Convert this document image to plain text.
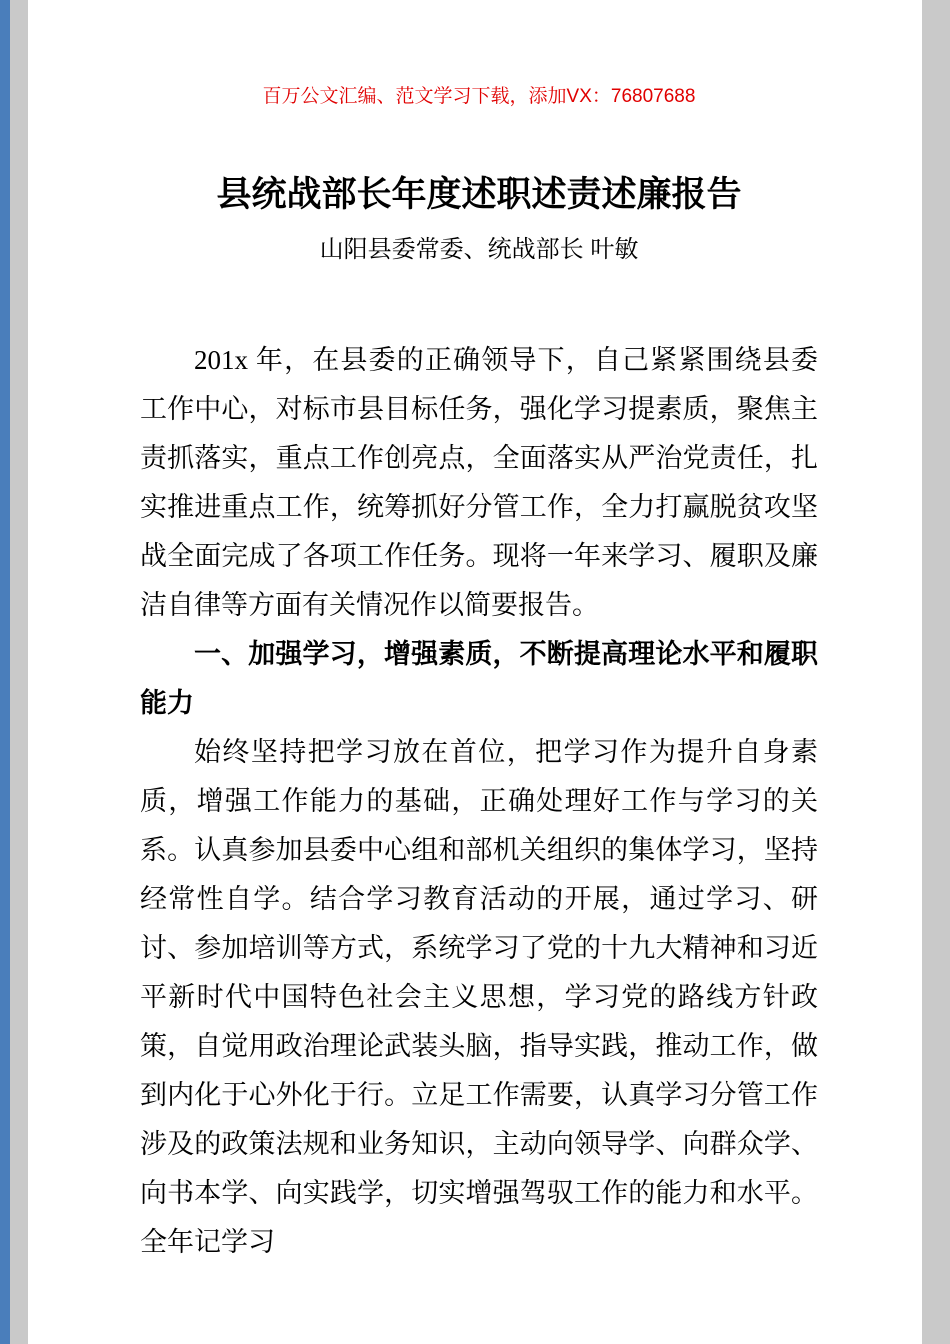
百万公文汇编、范文学习下载，添加VX：76807688
县统战部长年度述职述责述廉报告
山阳县委常委、统战部长 叶敏

201x 年，在县委的正确领导下，自己紧紧围绕县委工作中心，对标市县目标任务，强化学习提素质，聚焦主责抓落实，重点工作创亮点，全面落实从严治党责任，扎实推进重点工作，统筹抓好分管工作，全力打赢脱贫攻坚战全面完成了各项工作任务。现将一年来学习、履职及廉洁自律等方面有关情况作以简要报告。

一、加强学习，增强素质，不断提高理论水平和履职能力

始终坚持把学习放在首位，把学习作为提升自身素质，增强工作能力的基础，正确处理好工作与学习的关系。认真参加县委中心组和部机关组织的集体学习，坚持经常性自学。结合学习教育活动的开展，通过学习、研讨、参加培训等方式，系统学习了党的十九大精神和习近平新时代中国特色社会主义思想，学习党的路线方针政策，自觉用政治理论武装头脑，指导实践，推动工作，做到内化于心外化于行。立足工作需要，认真学习分管工作涉及的政策法规和业务知识，主动向领导学、向群众学、向书本学、向实践学，切实增强驾驭工作的能力和水平。全年记学习
